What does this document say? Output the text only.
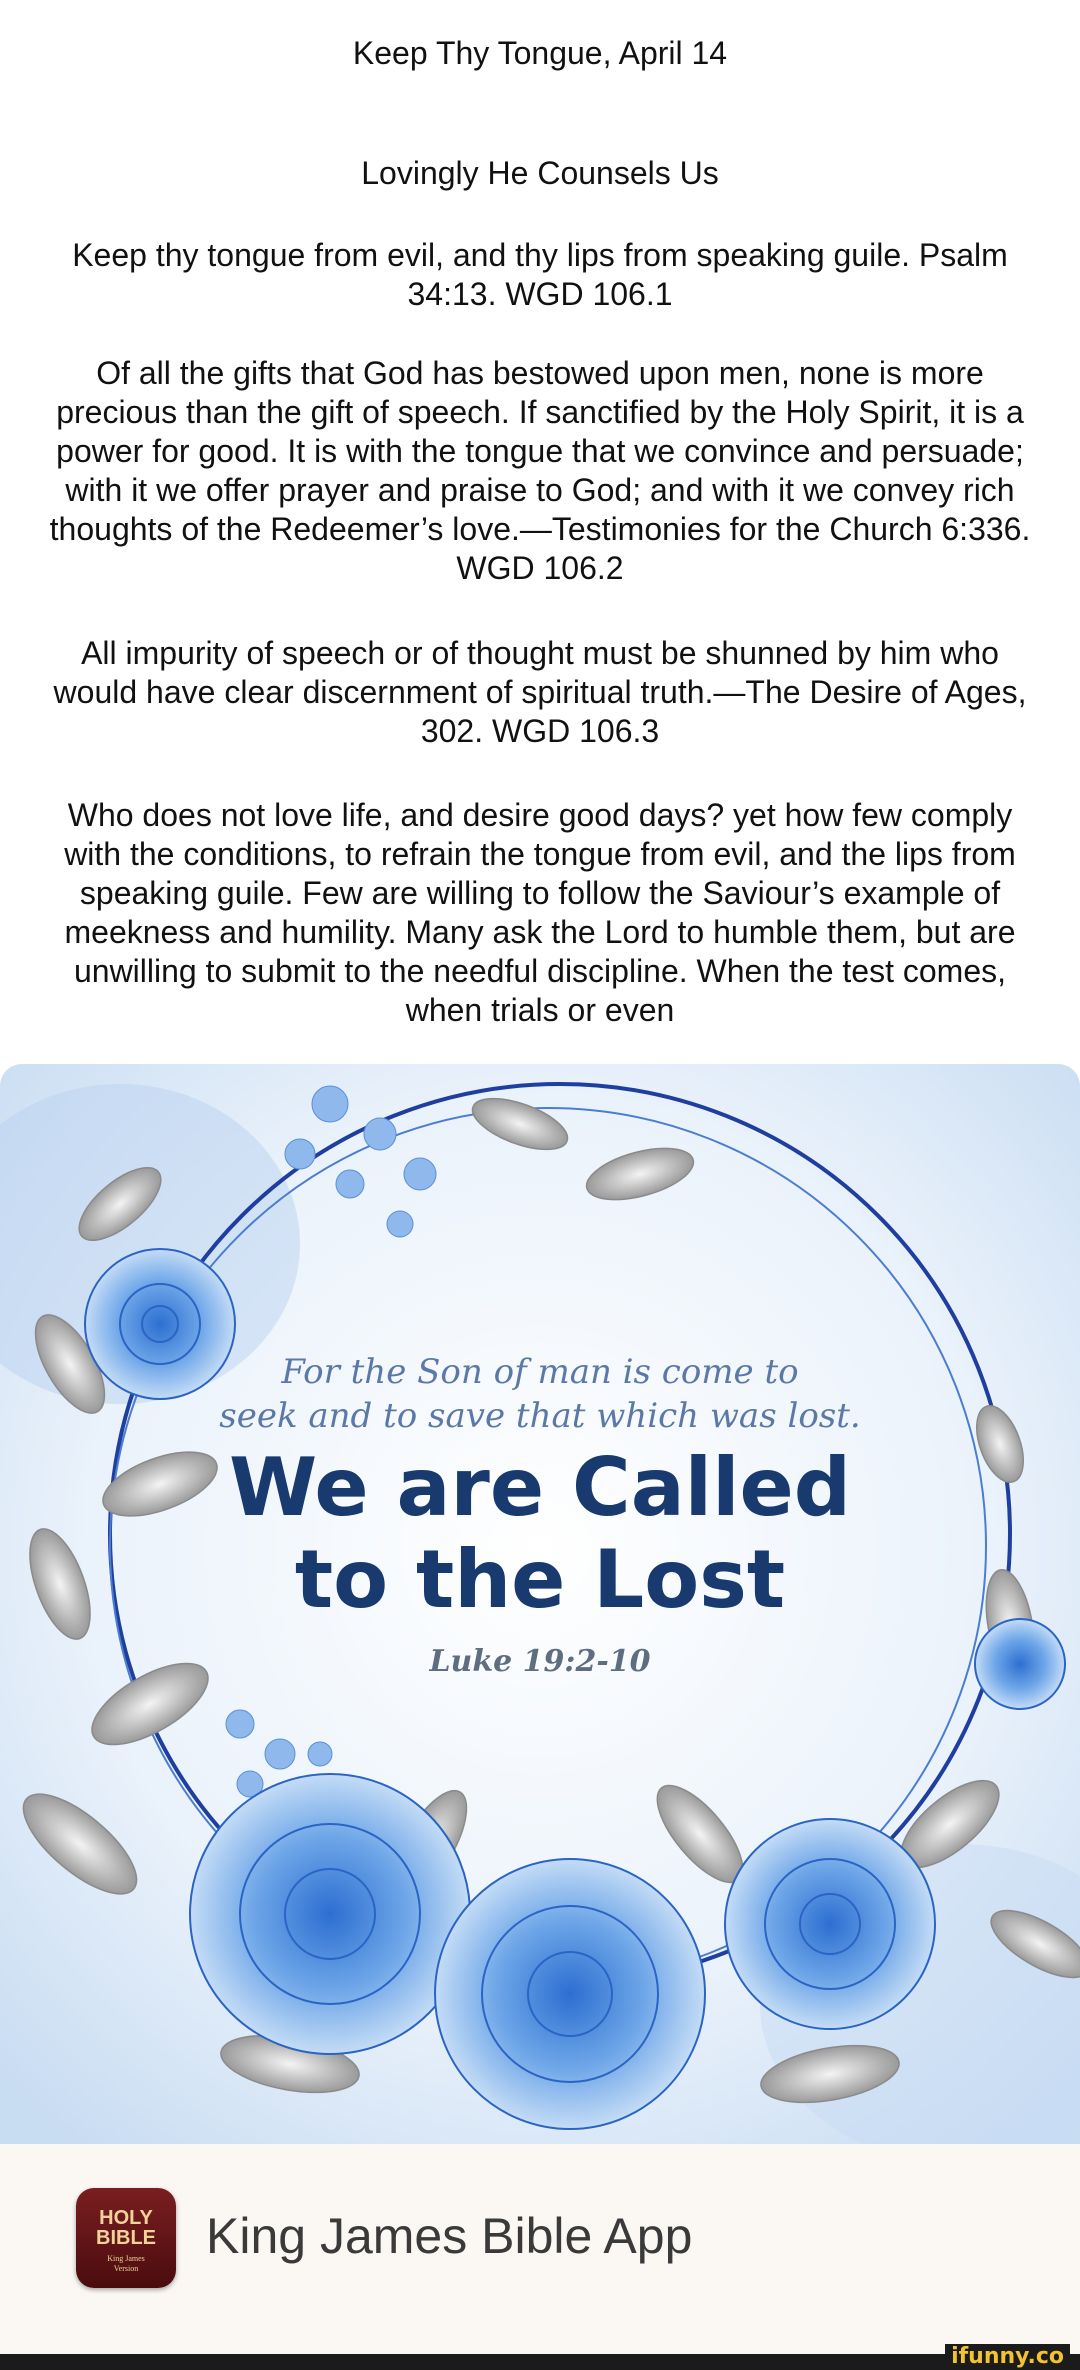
Keep Thy Tongue, April 14
Lovingly He Counsels Us

Keep thy tongue from evil, and thy lips from speaking guile. Psalm 34:13. WGD 106.1

Of all the gifts that God has bestowed upon men, none is more precious than the gift of speech. If sanctified by the Holy Spirit, it is a power for good. It is with the tongue that we convince and persuade; with it we offer prayer and praise to God; and with it we convey rich thoughts of the Redeemer’s love.—Testimonies for the Church 6:336. WGD 106.2

All impurity of speech or of thought must be shunned by him who would have clear discernment of spiritual truth.—The Desire of Ages, 302. WGD 106.3

Who does not love life, and desire good days? yet how few comply with the conditions, to refrain the tongue from evil, and the lips from speaking guile. Few are willing to follow the Saviour’s example of meekness and humility. Many ask the Lord to humble them, but are unwilling to submit to the needful discipline. When the test comes, when trials or even

For the Son of man is come to
seek and to save that which was lost.
We are Called
to the Lost
Luke 19:2-10
HOLY
BIBLE
King James
Version
King James Bible App
ifunny.co
